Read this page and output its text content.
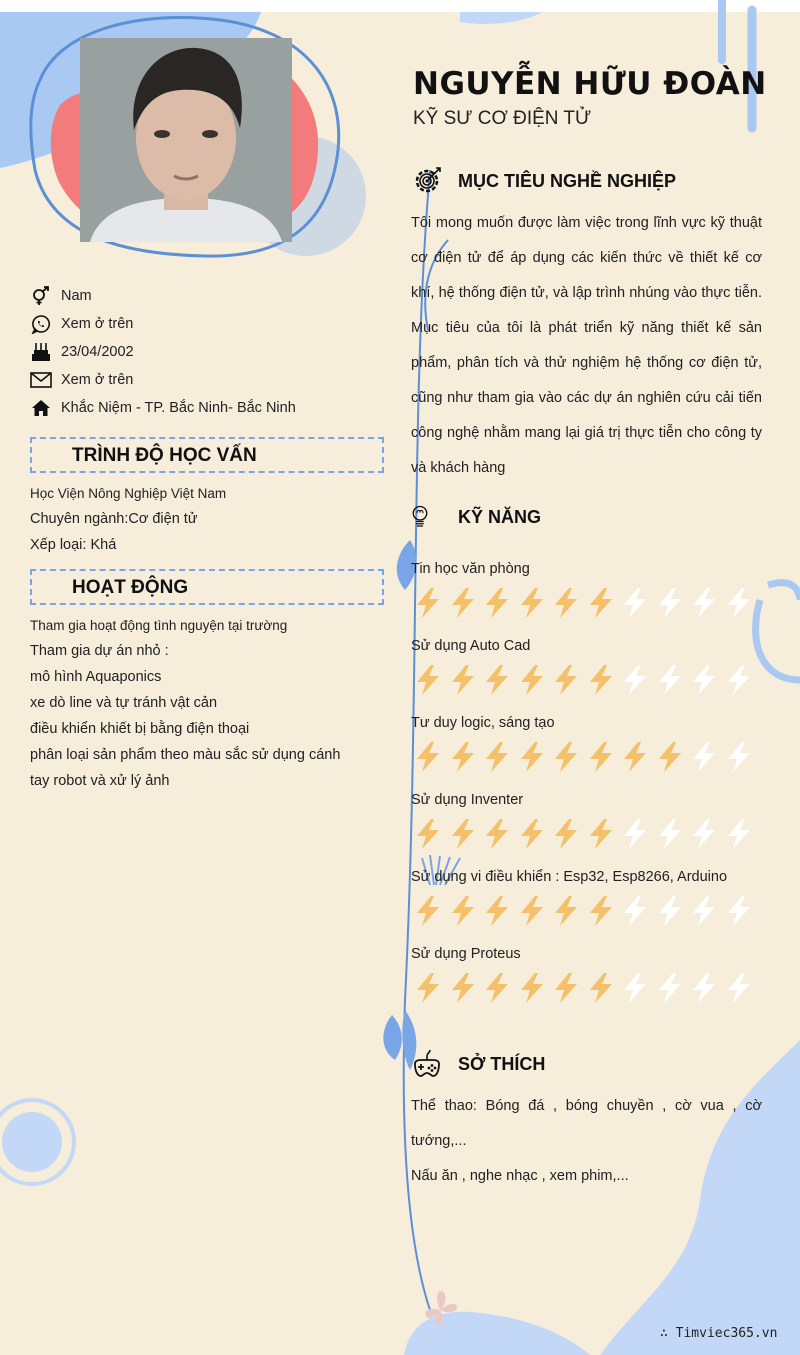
NGUYỄN HỮU ĐOÀN
KỸ SƯ CƠ ĐIỆN TỬ
Nam
Xem ở trên
23/04/2002
Xem ở trên
Khắc Niệm - TP. Bắc Ninh- Bắc Ninh
TRÌNH ĐỘ HỌC VẤN
Học Viện Nông Nghiệp Việt Nam
Chuyên ngành:Cơ điện tử
Xếp loại: Khá
HOẠT ĐỘNG
Tham gia hoạt động tình nguyện tại trường
Tham gia dự án nhỏ :
mô hình Aquaponics
xe dò line và tự tránh vật cản
điều khiển khiết bị bằng điện thoại
phân loại sản phẩm theo màu sắc sử dụng cánh
tay robot và xử lý ảnh
MỤC TIÊU NGHỀ NGHIỆP
Tôi mong muốn được làm việc trong lĩnh vực kỹ thuật cơ điện tử để áp dụng các kiến thức về thiết kế cơ khí, hệ thống điện tử, và lập trình nhúng vào thực tiễn. Mục tiêu của tôi là phát triển kỹ năng thiết kế sản phẩm, phân tích và thử nghiệm hệ thống cơ điện tử, cũng như tham gia vào các dự án nghiên cứu cải tiến công nghệ nhằm mang lại giá trị thực tiễn cho công ty và khách hàng
KỸ NĂNG
Tin học văn phòng
Sử dụng Auto Cad
Tư duy logic, sáng tạo
Sử dụng Inventer
Sử dụng vi điều khiển : Esp32, Esp8266, Arduino
Sử dụng Proteus
SỞ THÍCH
Thể thao: Bóng đá , bóng chuyền , cờ vua , cờ tướng,...
Nấu ăn , nghe nhạc , xem phim,...
∴ Timviec365.vn
